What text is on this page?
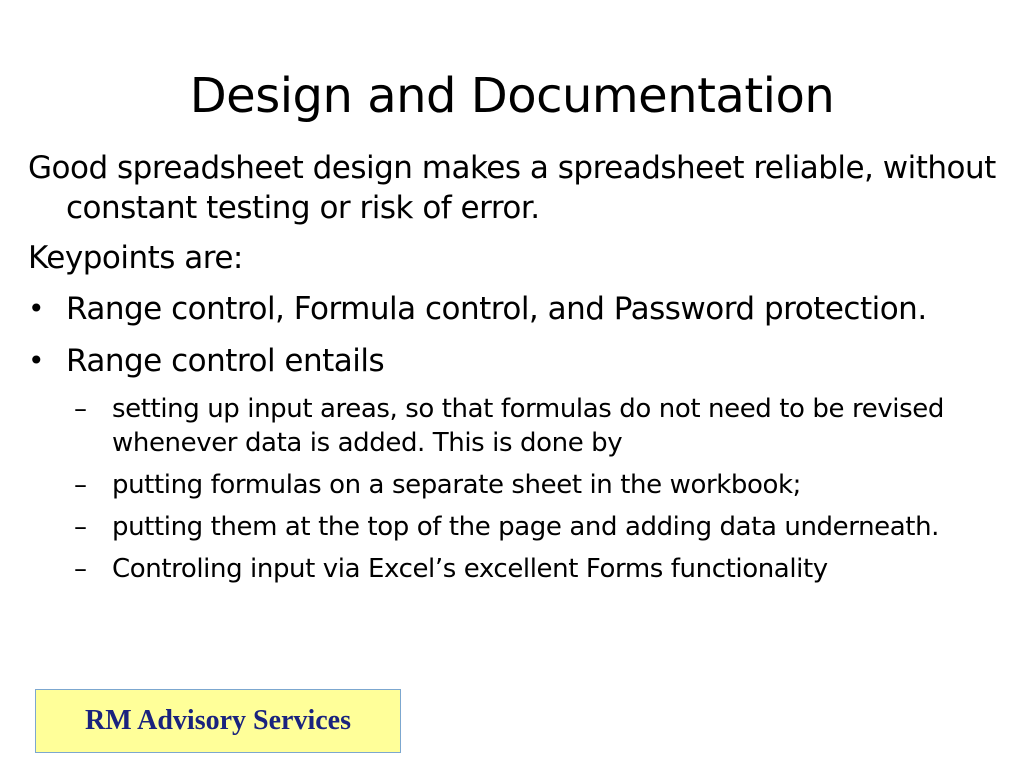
Design and Documentation
Good spreadsheet design makes a spreadsheet reliable, without constant testing or risk of error.
Keypoints are:
• Range control, Formula control, and Password protection.
• Range control entails
– setting up input areas, so that formulas do not need to be revised whenever data is added. This is done by
– putting formulas on a separate sheet in the workbook;
– putting them at the top of the page and adding data underneath.
– Controling input via Excel’s excellent Forms functionality
RM Advisory Services
